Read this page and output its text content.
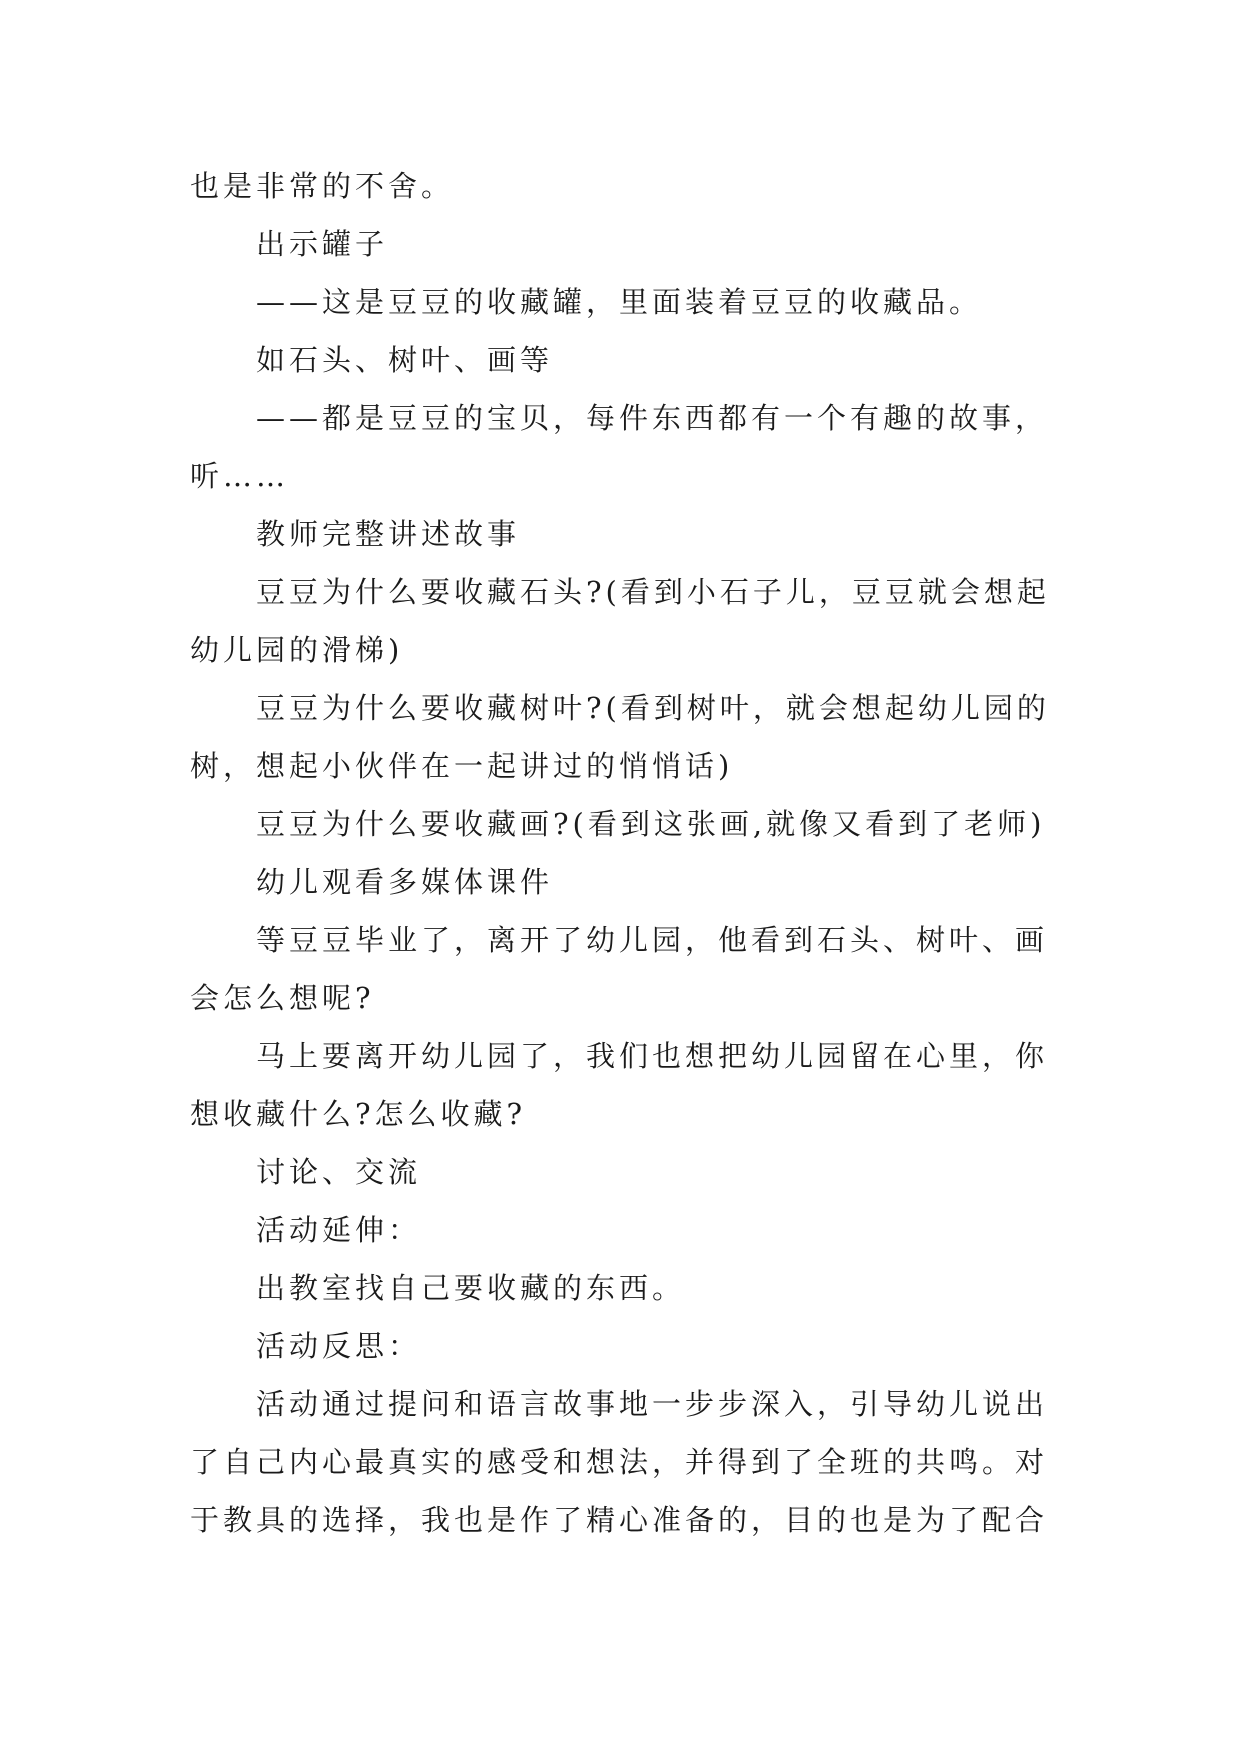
也是非常的不舍。

出示罐子

——这是豆豆的收藏罐，里面装着豆豆的收藏品。

如石头、树叶、画等

——都是豆豆的宝贝，每件东西都有一个有趣的故事，

听……

教师完整讲述故事

豆豆为什么要收藏石头?(看到小石子儿，豆豆就会想起

幼儿园的滑梯)

豆豆为什么要收藏树叶?(看到树叶，就会想起幼儿园的

树，想起小伙伴在一起讲过的悄悄话)

豆豆为什么要收藏画?(看到这张画,就像又看到了老师)

幼儿观看多媒体课件

等豆豆毕业了，离开了幼儿园，他看到石头、树叶、画

会怎么想呢?

马上要离开幼儿园了，我们也想把幼儿园留在心里，你

想收藏什么?怎么收藏?

讨论、交流

活动延伸：

出教室找自己要收藏的东西。

活动反思：

活动通过提问和语言故事地一步步深入，引导幼儿说出

了自己内心最真实的感受和想法，并得到了全班的共鸣。对

于教具的选择，我也是作了精心准备的，目的也是为了配合
